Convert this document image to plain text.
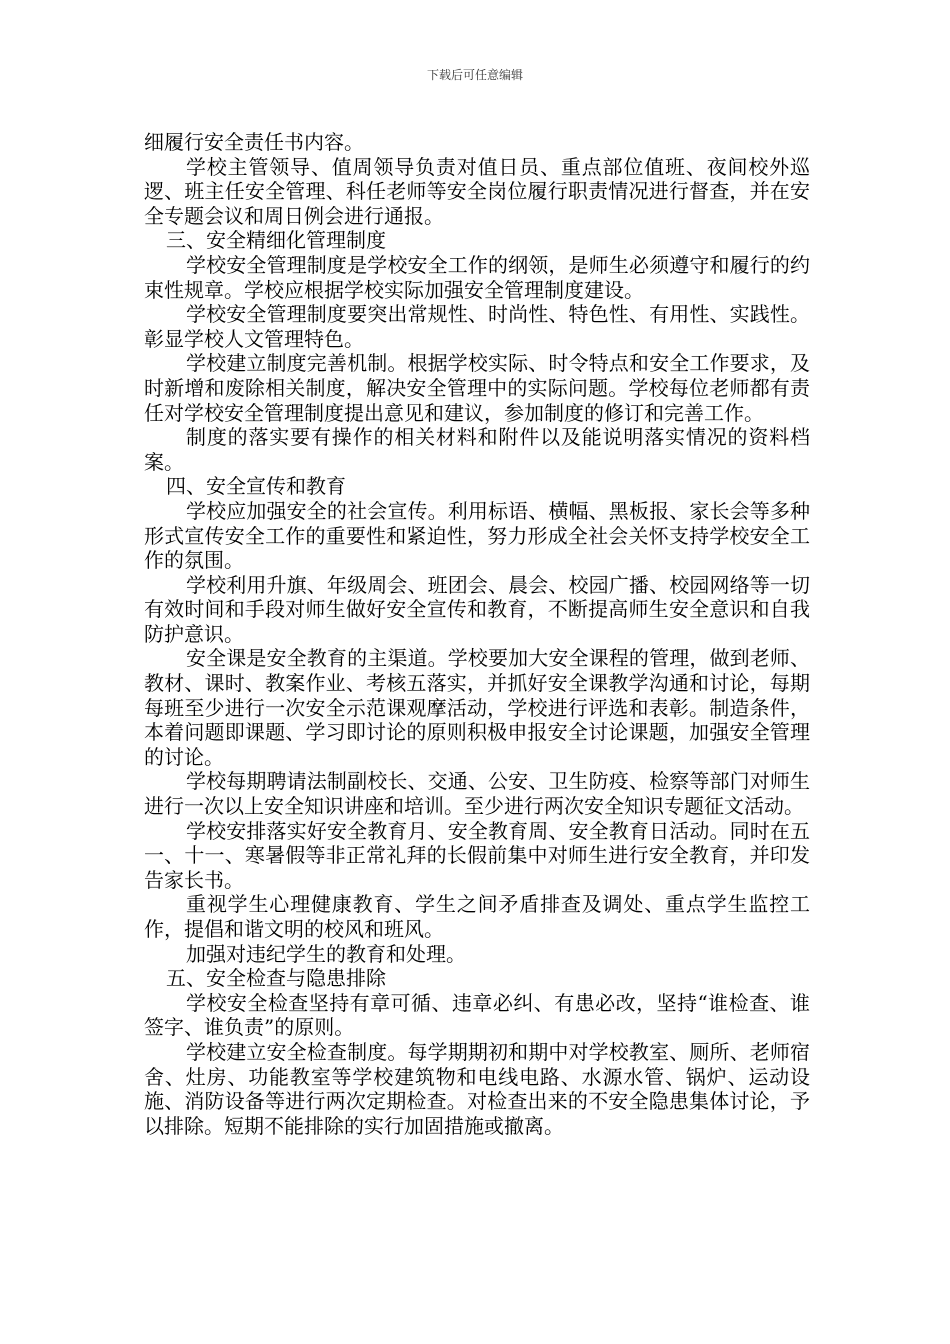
下载后可任意编辑

细履行安全责任书内容。

学校主管领导、值周领导负责对值日员、重点部位值班、夜间校外巡逻、班主任安全管理、科任老师等安全岗位履行职责情况进行督查，并在安全专题会议和周日例会进行通报。

三、安全精细化管理制度

学校安全管理制度是学校安全工作的纲领，是师生必须遵守和履行的约束性规章。学校应根据学校实际加强安全管理制度建设。

学校安全管理制度要突出常规性、时尚性、特色性、有用性、实践性。彰显学校人文管理特色。

学校建立制度完善机制。根据学校实际、时令特点和安全工作要求，及时新增和废除相关制度，解决安全管理中的实际问题。学校每位老师都有责任对学校安全管理制度提出意见和建议，参加制度的修订和完善工作。

制度的落实要有操作的相关材料和附件以及能说明落实情况的资料档案。

四、安全宣传和教育

学校应加强安全的社会宣传。利用标语、横幅、黑板报、家长会等多种形式宣传安全工作的重要性和紧迫性，努力形成全社会关怀支持学校安全工作的氛围。

学校利用升旗、年级周会、班团会、晨会、校园广播、校园网络等一切有效时间和手段对师生做好安全宣传和教育，不断提高师生安全意识和自我防护意识。

安全课是安全教育的主渠道。学校要加大安全课程的管理，做到老师、教材、课时、教案作业、考核五落实，并抓好安全课教学沟通和讨论，每期每班至少进行一次安全示范课观摩活动，学校进行评选和表彰。制造条件，本着问题即课题、学习即讨论的原则积极申报安全讨论课题，加强安全管理的讨论。

学校每期聘请法制副校长、交通、公安、卫生防疫、检察等部门对师生进行一次以上安全知识讲座和培训。至少进行两次安全知识专题征文活动。

学校安排落实好安全教育月、安全教育周、安全教育日活动。同时在五一、十一、寒暑假等非正常礼拜的长假前集中对师生进行安全教育，并印发告家长书。

重视学生心理健康教育、学生之间矛盾排查及调处、重点学生监控工作，提倡和谐文明的校风和班风。

加强对违纪学生的教育和处理。

五、安全检查与隐患排除

学校安全检查坚持有章可循、违章必纠、有患必改，坚持“谁检查、谁签字、谁负责”的原则。

学校建立安全检查制度。每学期期初和期中对学校教室、厕所、老师宿舍、灶房、功能教室等学校建筑物和电线电路、水源水管、锅炉、运动设施、消防设备等进行两次定期检查。对检查出来的不安全隐患集体讨论，予以排除。短期不能排除的实行加固措施或撤离。
